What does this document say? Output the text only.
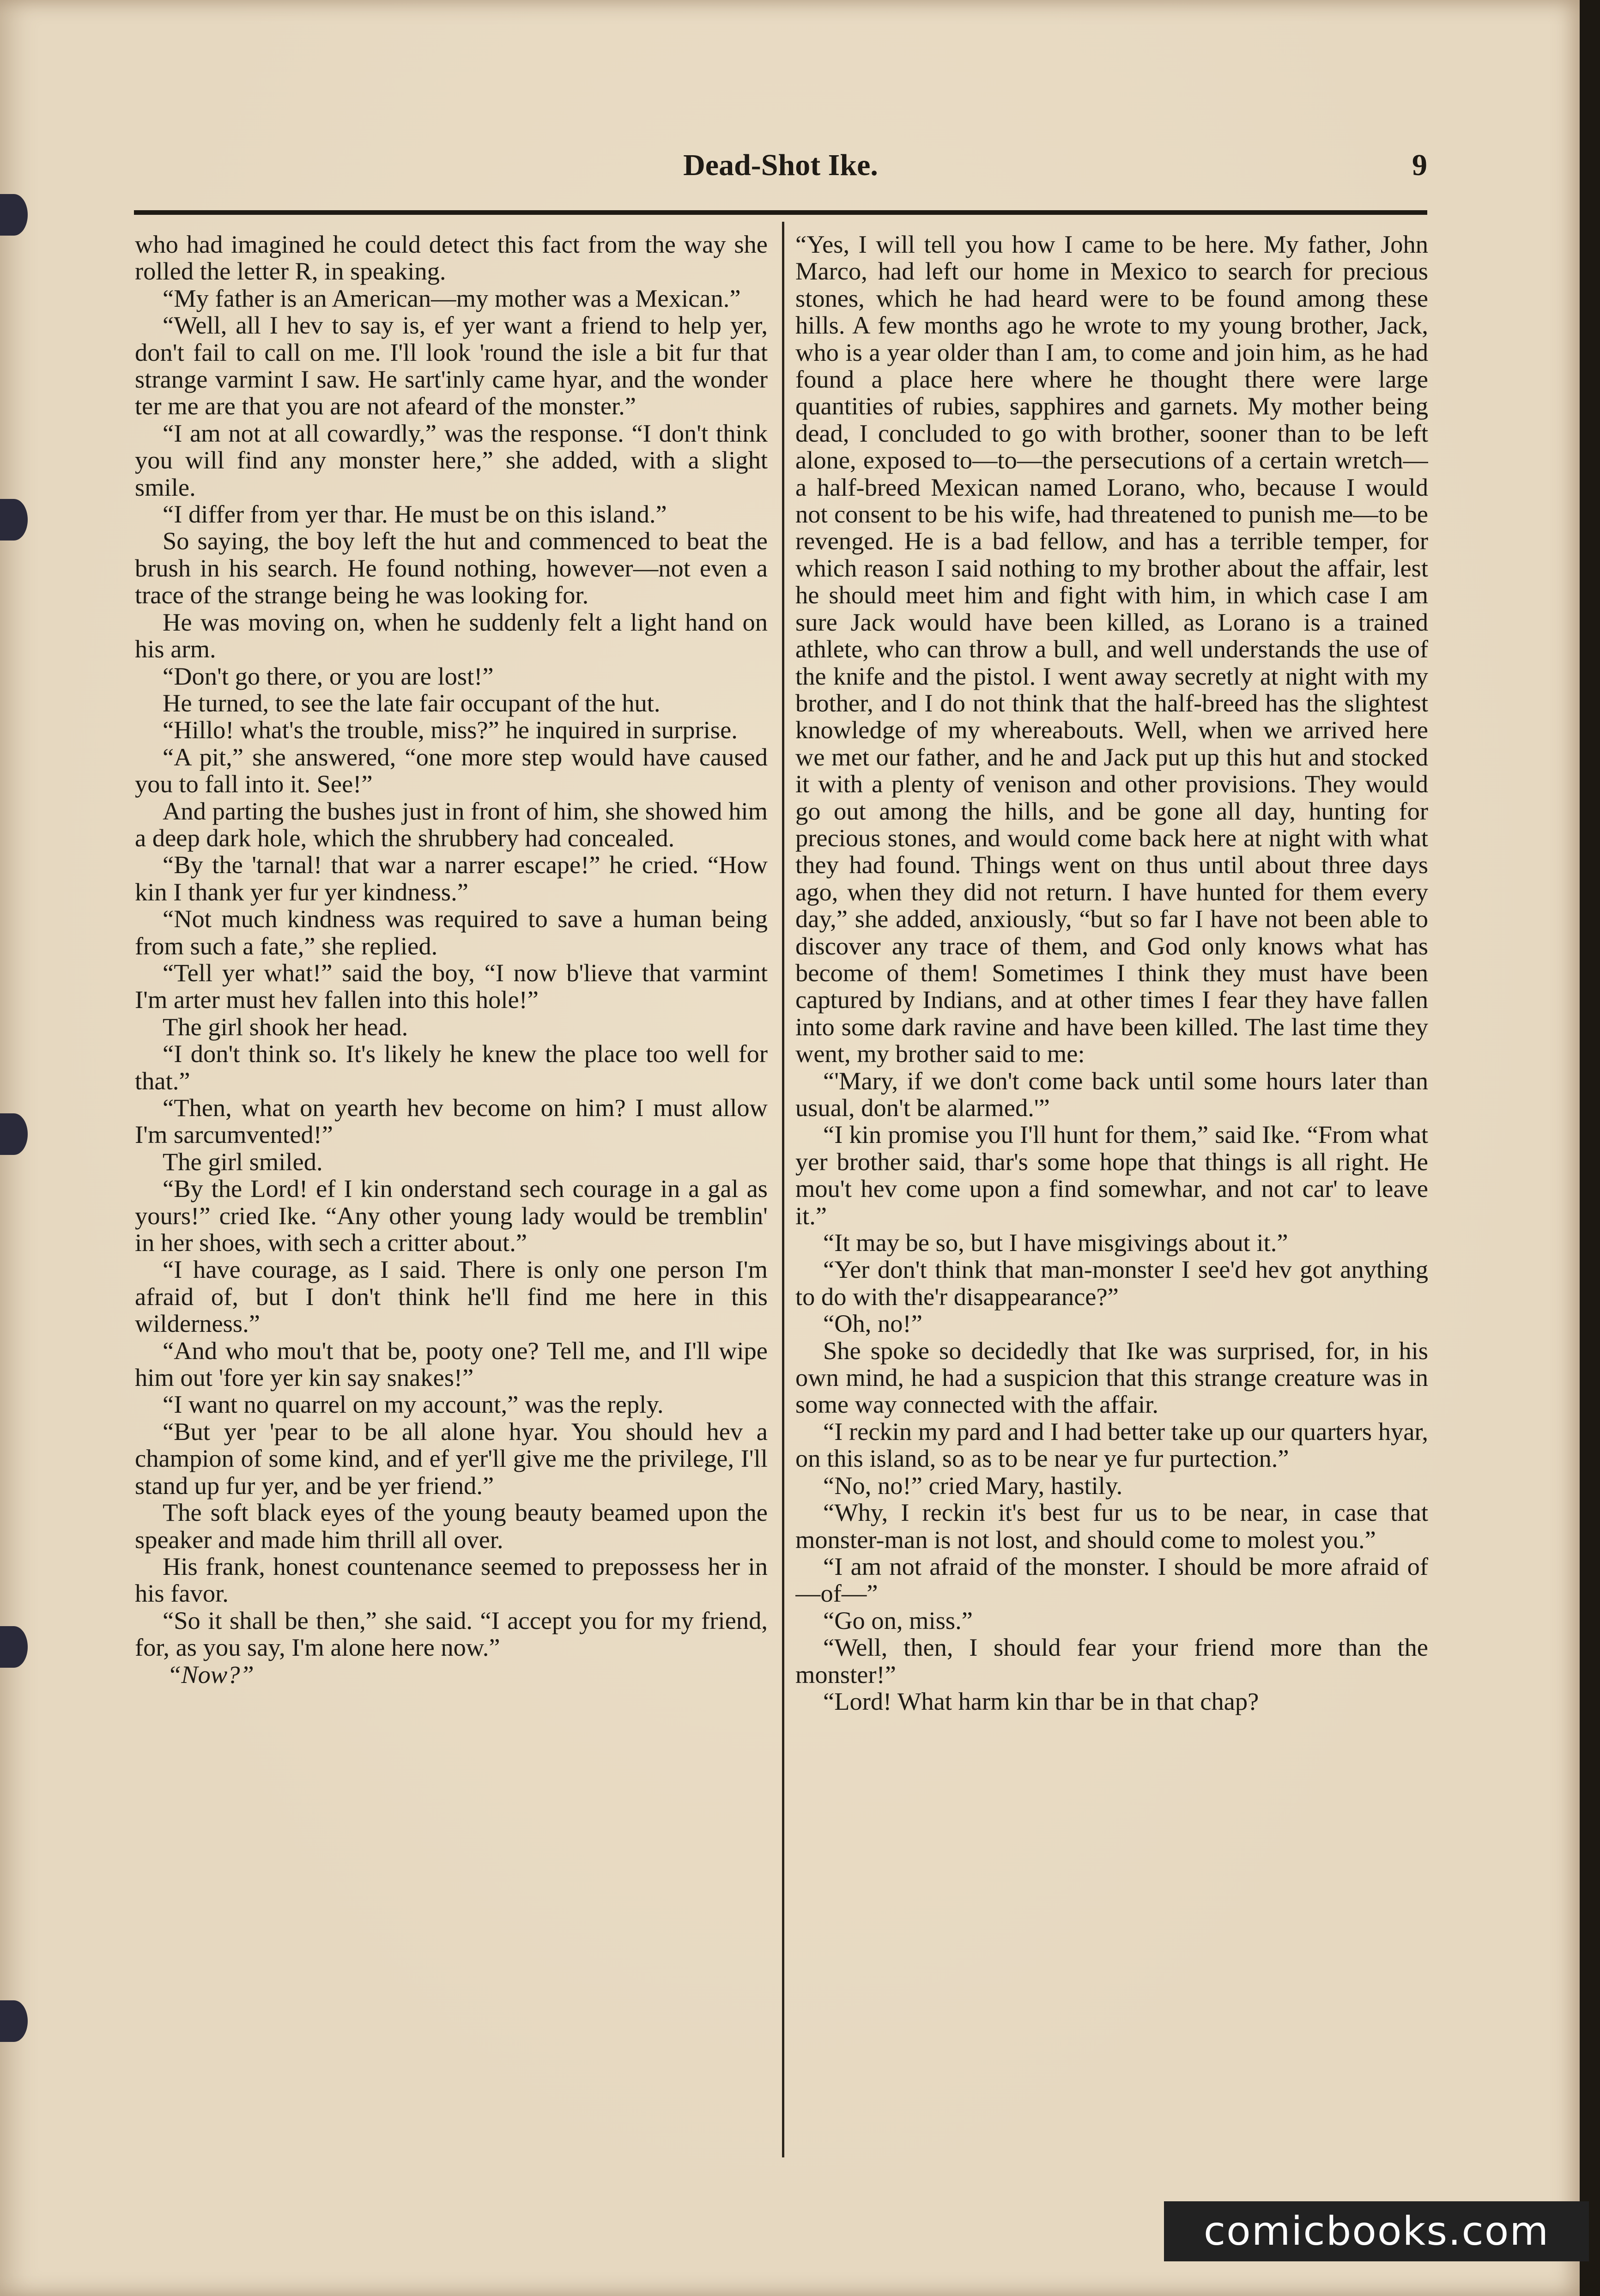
Dead-Shot Ike.	9

who had imagined he could detect this fact from the way she rolled the letter R, in speaking.

“My father is an American—my mother was a Mexican.”

“Well, all I hev to say is, ef yer want a friend to help yer, don't fail to call on me. I'll look 'round the isle a bit fur that strange varmint I saw. He sart'inly came hyar, and the wonder ter me are that you are not afeard of the monster.”

“I am not at all cowardly,” was the response. “I don't think you will find any monster here,” she added, with a slight smile.

“I differ from yer thar. He must be on this island.”

So saying, the boy left the hut and commenced to beat the brush in his search. He found nothing, however—not even a trace of the strange being he was looking for.

He was moving on, when he suddenly felt a light hand on his arm.

“Don't go there, or you are lost!”

He turned, to see the late fair occupant of the hut.

“Hillo! what's the trouble, miss?” he inquired in surprise.

“A pit,” she answered, “one more step would have caused you to fall into it. See!”

And parting the bushes just in front of him, she showed him a deep dark hole, which the shrubbery had concealed.

“By the 'tarnal! that war a narrer escape!” he cried. “How kin I thank yer fur yer kindness.”

“Not much kindness was required to save a human being from such a fate,” she replied.

“Tell yer what!” said the boy, “I now b'lieve that varmint I'm arter must hev fallen into this hole!”

The girl shook her head.

“I don't think so. It's likely he knew the place too well for that.”

“Then, what on yearth hev become on him? I must allow I'm sarcumvented!”

The girl smiled.

“By the Lord! ef I kin onderstand sech courage in a gal as yours!” cried Ike. “Any other young lady would be tremblin' in her shoes, with sech a critter about.”

“I have courage, as I said. There is only one person I'm afraid of, but I don't think he'll find me here in this wilderness.”

“And who mou't that be, pooty one? Tell me, and I'll wipe him out 'fore yer kin say snakes!”

“I want no quarrel on my account,” was the reply.

“But yer 'pear to be all alone hyar. You should hev a champion of some kind, and ef yer'll give me the privilege, I'll stand up fur yer, and be yer friend.”

The soft black eyes of the young beauty beamed upon the speaker and made him thrill all over.

His frank, honest countenance seemed to prepossess her in his favor.

“So it shall be then,” she said. “I accept you for my friend, for, as you say, I'm alone here now.”

“Now?”

“Yes, I will tell you how I came to be here. My father, John Marco, had left our home in Mexico to search for precious stones, which he had heard were to be found among these hills. A few months ago he wrote to my young brother, Jack, who is a year older than I am, to come and join him, as he had found a place here where he thought there were large quantities of rubies, sapphires and garnets. My mother being dead, I concluded to go with brother, sooner than to be left alone, exposed to—to—the persecutions of a certain wretch—a half-breed Mexican named Lorano, who, because I would not consent to be his wife, had threatened to punish me—to be revenged. He is a bad fellow, and has a terrible temper, for which reason I said nothing to my brother about the affair, lest he should meet him and fight with him, in which case I am sure Jack would have been killed, as Lorano is a trained athlete, who can throw a bull, and well understands the use of the knife and the pistol. I went away secretly at night with my brother, and I do not think that the half-breed has the slightest knowledge of my whereabouts. Well, when we arrived here we met our father, and he and Jack put up this hut and stocked it with a plenty of venison and other provisions. They would go out among the hills, and be gone all day, hunting for precious stones, and would come back here at night with what they had found. Things went on thus until about three days ago, when they did not return. I have hunted for them every day,” she added, anxiously, “but so far I have not been able to discover any trace of them, and God only knows what has become of them! Sometimes I think they must have been captured by Indians, and at other times I fear they have fallen into some dark ravine and have been killed. The last time they went, my brother said to me:

“'Mary, if we don't come back until some hours later than usual, don't be alarmed.'”

“I kin promise you I'll hunt for them,” said Ike. “From what yer brother said, thar's some hope that things is all right. He mou't hev come upon a find somewhar, and not car' to leave it.”

“It may be so, but I have misgivings about it.”

“Yer don't think that man-monster I see'd hev got anything to do with the'r disappearance?”

“Oh, no!”

She spoke so decidedly that Ike was surprised, for, in his own mind, he had a suspicion that this strange creature was in some way connected with the affair.

“I reckin my pard and I had better take up our quarters hyar, on this island, so as to be near ye fur purtection.”

“No, no!” cried Mary, hastily.

“Why, I reckin it's best fur us to be near, in case that monster-man is not lost, and should come to molest you.”

“I am not afraid of the monster. I should be more afraid of—of—”

“Go on, miss.”

“Well, then, I should fear your friend more than the monster!”

“Lord! What harm kin thar be in that chap?

comicbooks.com
